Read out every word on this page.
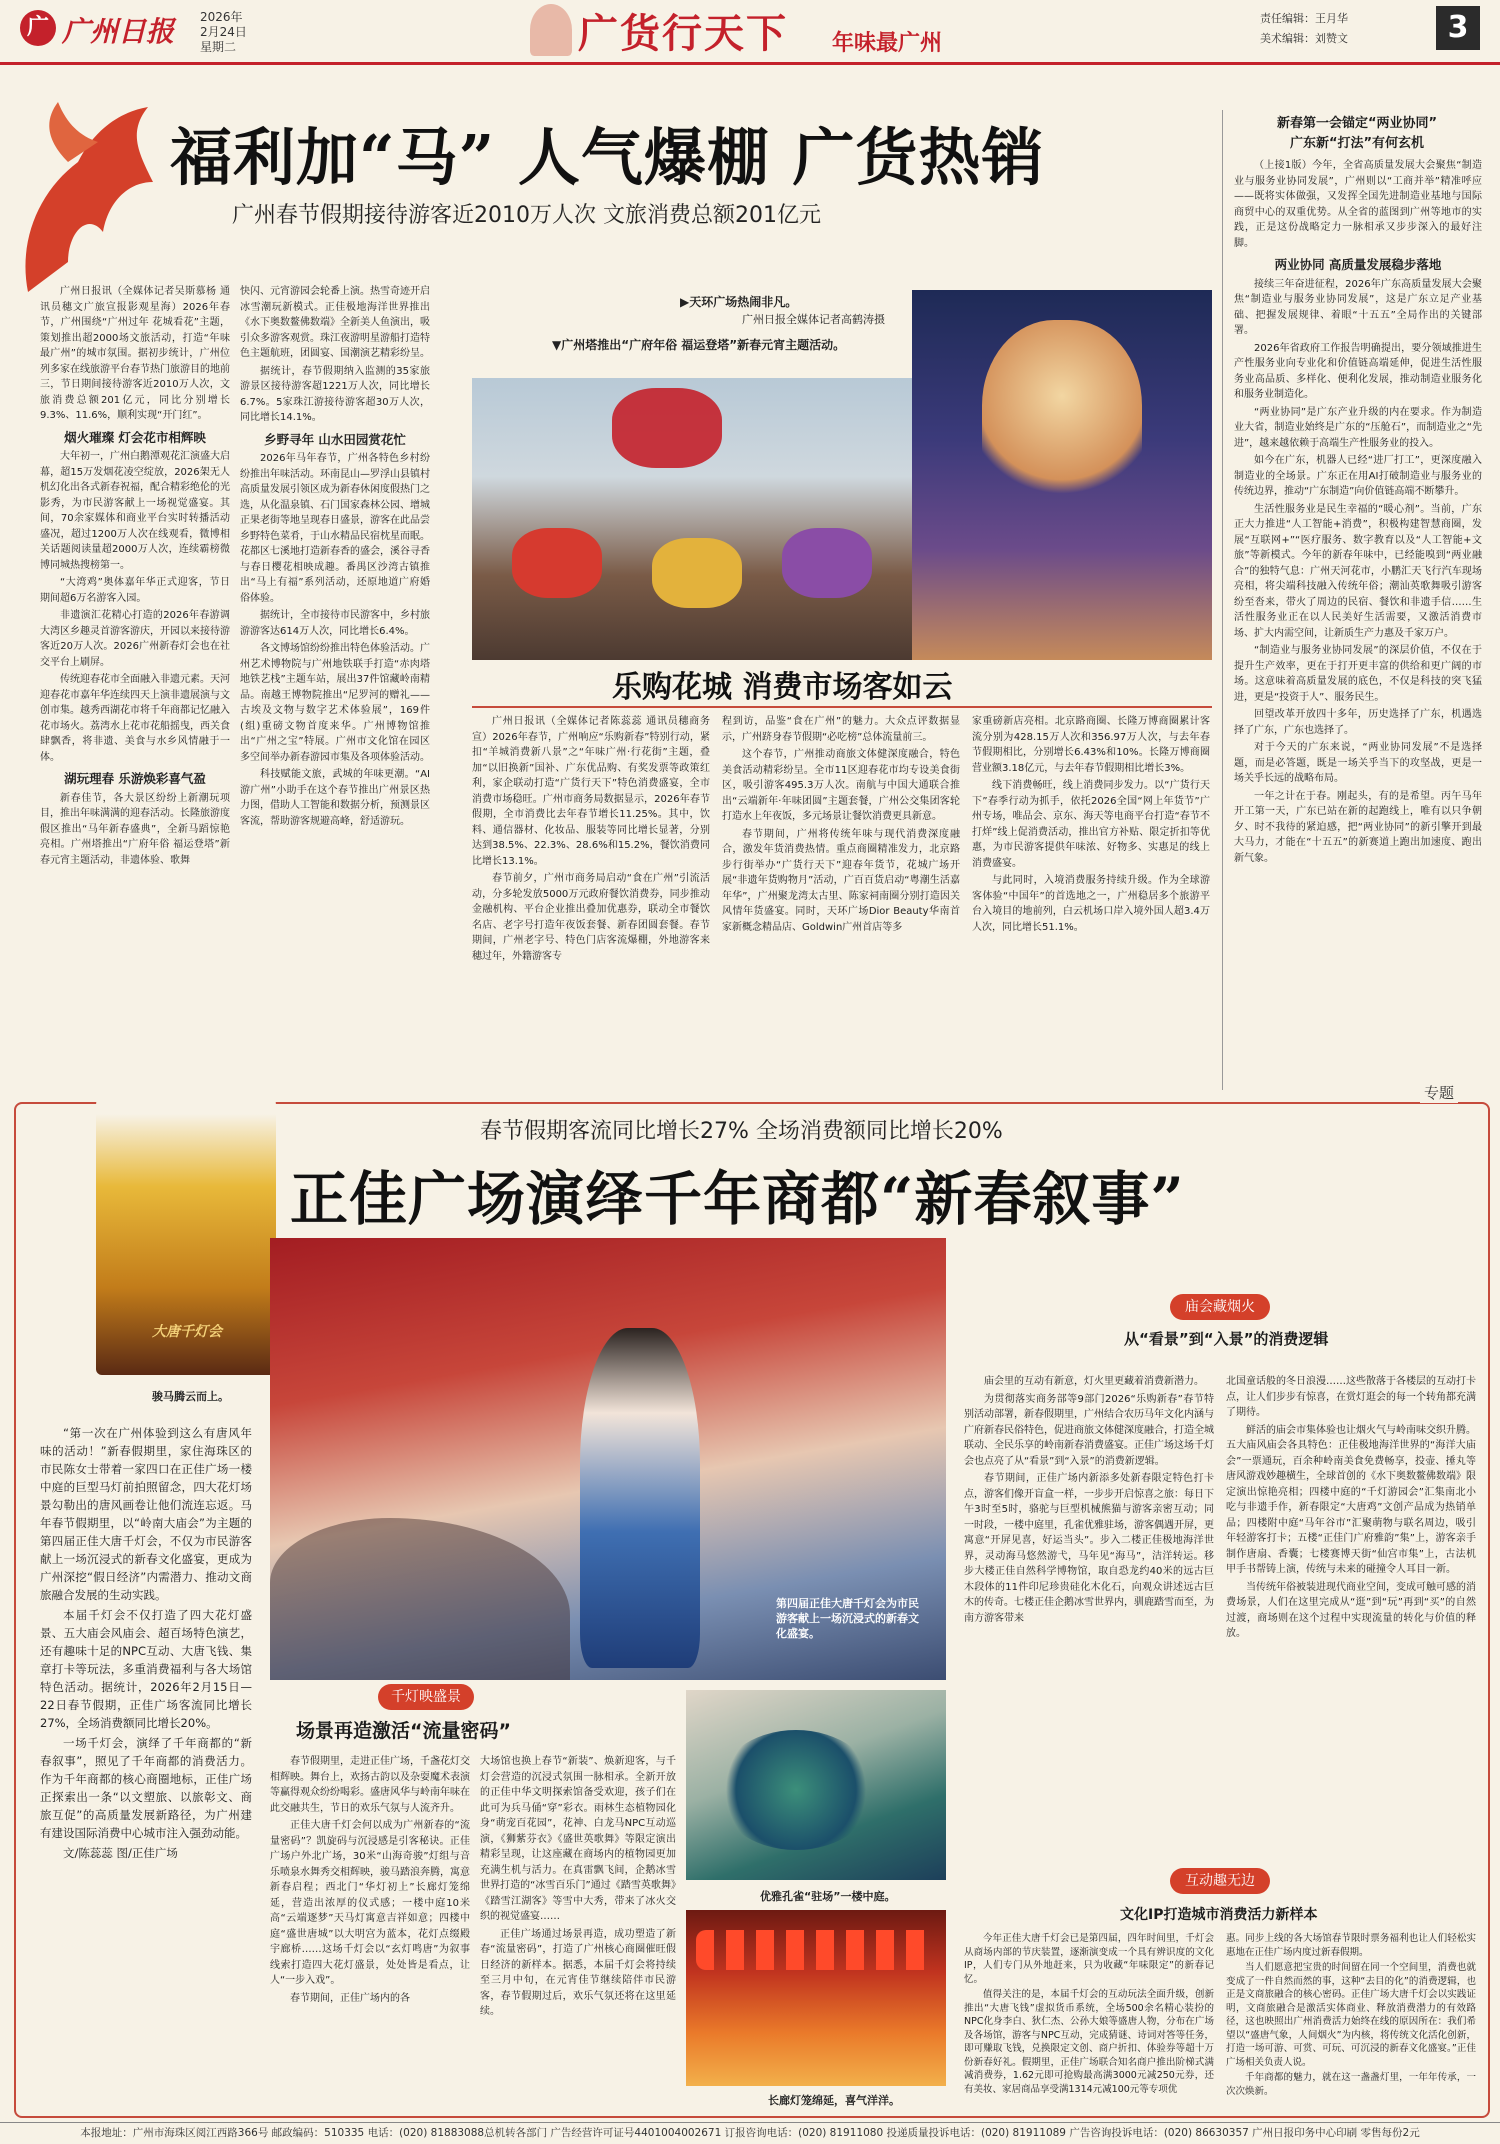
广 广州日报 2026年
2月24日
星期二	广货行天下 年味最广州
责任编辑：王月华
美术编辑：刘赞文	3
福利加“马” 人气爆棚 广货热销
广州春节假期接待游客近2010万人次 文旅消费总额201亿元

广州日报讯（全媒体记者吴斯慕杨 通讯员穗文广旅宣报影观星海）2026年春节，广州围绕“广州过年 花城看花”主题，策划推出超2000场文旅活动，打造“年味最广州”的城市氛围。据初步统计，广州位列多家在线旅游平台春节热门旅游目的地前三，节日期间接待游客近2010万人次，文旅消费总额201亿元，同比分别增长9.3%、11.6%，顺利实现“开门红”。

烟火璀璨 灯会花市相辉映

大年初一，广州白鹅潭观花汇演盛大启幕，超15万发烟花凌空绽放，2026架无人机幻化出各式新春祝福，配合精彩绝伦的光影秀，为市民游客献上一场视觉盛宴。其间，70余家媒体和商业平台实时转播活动盛况，超过1200万人次在线观看，微博相关话题阅读量超2000万人次，连续霸榜微博同城热搜榜第一。

“大湾鸡”奥体嘉年华正式迎客，节日期间超6万名游客入园。

非遗演汇花精心打造的2026年春游调大湾区乡趣灵首游客游庆，开园以来接待游客近20万人次。2026广州新春灯会也在社交平台上刷屏。

传统迎春花市全面融入非遗元素。天河迎春花市嘉年华连续四天上演非遗展演与文创市集。越秀西湖花市将千年商都记忆融入花市场火。荔湾水上花市花船摇曳，西关食肆飘香，将非遗、美食与水乡风情融于一体。

湖玩理春 乐游焕彩喜气盈

新春佳节，各大景区纷纷上新潮玩项目，推出年味满满的迎春活动。长隆旅游度假区推出“马年新春盛典”，全新马蹈惊艳亮相。广州塔推出“广府年俗 福运登塔”新春元宵主题活动，非遗体验、歌舞

快闪、元宵游园会轮番上演。热雪奇迹开启冰雪潮玩新模式。正佳极地海洋世界推出《水下奥数鳌佛数端》全新美人鱼演出，吸引众多游客观赏。珠江夜游明星游船打造特色主题航班，团圆宴、国潮演艺精彩纷呈。

据统计，春节假期纳入监测的35家旅游景区接待游客超1221万人次，同比增长6.7%。5家珠江游接待游客超30万人次，同比增长14.1%。

乡野寻年 山水田园赏花忙

2026年马年春节，广州各特色乡村纷纷推出年味活动。环南昆山—罗浮山县镇村高质量发展引领区成为新春休闲度假热门之选，从化温泉镇、石门国家森林公园、增城正果老街等地呈现春日盛景，游客在此品尝乡野特色菜肴，于山水精品民宿枕星而眠。花都区七溪地打造新春香的盛会，溪谷寻香与春日樱花相映成趣。番禺区沙湾古镇推出“马上有福”系列活动，还原地道广府婚俗体验。

据统计，全市接待市民游客中，乡村旅游游客达614万人次，同比增长6.4%。

各文博场馆纷纷推出特色体验活动。广州艺术博物院与广州地铁联手打造“赤肉塔地铁艺栈”主题车站，展出37件馆藏岭南精品。南越王博物院推出“尼罗河的赠礼——古埃及文物与数字艺术体验展”，169件(组)重磅文物首度来华。广州博物馆推出“广州之宝”特展。广州市文化馆在园区多空间举办新春游园市集及各项体验活动。

科技赋能文旅，武城的年味更潮。“AI游广州”小助手在这个春节推出广州景区热力图，借助人工智能和数据分析，预测景区客流，帮助游客规避高峰，舒适游玩。

▶天环广场热闹非凡。
广州日报全媒体记者高鹤涛摄
▼广州塔推出“广府年俗 福运登塔”新春元宵主题活动。
乐购花城 消费市场客如云

广州日报讯（全媒体记者陈蕊蕊 通讯员穗商务宣）2026年春节，广州响应“乐购新春”特别行动，紧扣“羊城消费新八景”之“年味广州·行花街”主题，叠加“以旧换新”国补、广东优品购、有奖发票等政策红利，家企联动打造“广货行天下”特色消费盛宴，全市消费市场稳旺。广州市商务局数据显示，2026年春节假期，全市消费比去年春节增长11.25%。其中，饮料、通信器材、化妆品、服装等同比增长显著，分别达到38.5%、22.3%、28.6%和15.2%，餐饮消费同比增长13.1%。

春节前夕，广州市商务局启动“食在广州”引流活动，分多轮发放5000万元政府餐饮消费券，同步推动金融机构、平台企业推出叠加优惠券，联动全市餐饮名店、老字号打造年夜饭套餐、新春团圆套餐。春节期间，广州老字号、特色门店客流爆棚，外地游客来穗过年，外籍游客专

程到访，品鉴“食在广州”的魅力。大众点评数据显示，广州跻身春节假期“必吃榜”总体流量前三。

这个春节，广州推动商旅文体健深度融合，特色美食活动精彩纷呈。全市11区迎春花市均专设美食街区，吸引游客495.3万人次。南航与中国大通联合推出“云端新年·年味团圆”主题套餐，广州公交集团客轮打造水上年夜饭，多元场景让餐饮消费更具新意。

春节期间，广州将传统年味与现代消费深度融合，激发年货消费热情。重点商圈精准发力，北京路步行街举办“广货行天下”迎春年货节，花城广场开展“非遗年货购物月”活动，广百百货启动“粤潮生活嘉年华”，广州聚龙湾太古里、陈家祠南圈分别打造因关风情年货盛宴。同时，天环广场Dior Beauty华南首家新概念精品店、Goldwin广州首店等多

家重磅新店亮相。北京路商圈、长隆万博商圈累计客流分别为428.15万人次和356.97万人次，与去年春节假期相比，分别增长6.43%和10%。长隆万博商圈营业额3.18亿元，与去年春节假期相比增长3%。

线下消费畅旺，线上消费同步发力。以“广货行天下”春季行动为抓手，依托2026全国“网上年货节”广州专场，唯品会、京东、海天等电商平台打造“春节不打烊”线上促消费活动，推出官方补贴、限定折扣等优惠，为市民游客提供年味浓、好物多、实惠足的线上消费盛宴。

与此同时，入境消费服务持续升级。作为全球游客体验“中国年”的首选地之一，广州稳居多个旅游平台入境目的地前列，白云机场口岸入境外国人超3.4万人次，同比增长51.1%。

新春第一会锚定“两业协同”
广东新“打法”有何玄机

（上接1版）今年，全省高质量发展大会聚焦“制造业与服务业协同发展”，广州则以“工商并举”精准呼应——既将实体做强，又发挥全国先进制造业基地与国际商贸中心的双重优势。从全省的蓝图到广州等地市的实践，正是这份战略定力一脉相承又步步深入的最好注脚。

两业协同 高质量发展稳步落地

接续三年奋进征程，2026年广东高质量发展大会聚焦“制造业与服务业协同发展”，这是广东立足产业基础、把握发展规律、着眼“十五五”全局作出的关键部署。

2026年省政府工作报告明确提出，要分领域推进生产性服务业向专业化和价值链高端延伸，促进生活性服务业高品质、多样化、便利化发展，推动制造业服务化和服务业制造化。

“两业协同”是广东产业升级的内在要求。作为制造业大省，制造业始终是广东的“压舱石”，而制造业之“先进”，越来越依赖于高端生产性服务业的投入。

如今在广东，机器人已经“进厂打工”，更深度融入制造业的全场景。广东正在用AI打破制造业与服务业的传统边界，推动“广东制造”向价值链高端不断攀升。

生活性服务业是民生幸福的“暖心剂”。当前，广东正大力推进“人工智能+消费”，积极构建智慧商圈，发展“互联网+”“医疗服务、数字教育以及“人工智能+文旅”等新模式。今年的新春年味中，已经能嗅到“两业融合”的独特气息：广州天河花市，小鹏汇天飞行汽车现场亮相，将尖端科技融入传统年俗；潮汕英歌舞吸引游客纷至沓来，带火了周边的民宿、餐饮和非遗手信……生活性服务业正在以人民美好生活需要，又激活消费市场、扩大内需空间，让新质生产力惠及千家万户。

“制造业与服务业协同发展”的深层价值，不仅在于提升生产效率，更在于打开更丰富的供给和更广阔的市场。这意味着高质量发展的底色，不仅是科技的突飞猛进，更是“投资于人”、服务民生。

回望改革开放四十多年，历史选择了广东，机遇选择了广东，广东也选择了。

对于今天的广东来说，“两业协同发展”不是选择题，而是必答题，既是一场关乎当下的攻坚战，更是一场关乎长远的战略布局。

一年之计在于春。刚起头，有的是希望。丙午马年开工第一天，广东已站在新的起跑线上，唯有以只争朝夕、时不我待的紧迫感，把“两业协同”的新引擎开到最大马力，才能在“十五五”的新赛道上跑出加速度、跑出新气象。

专题
大唐千灯会
骏马腾云而上。
春节假期客流同比增长27% 全场消费额同比增长20%
正佳广场演绎千年商都“新春叙事”
第四届正佳大唐千灯会为市民游客献上一场沉浸式的新春文化盛宴。

“第一次在广州体验到这么有唐风年味的活动！”新春假期里，家住海珠区的市民陈女士带着一家四口在正佳广场一楼中庭的巨型马灯前拍照留念，四大花灯场景勾勒出的唐风画卷让他们流连忘返。马年春节假期里，以“岭南大庙会”为主题的第四届正佳大唐千灯会，不仅为市民游客献上一场沉浸式的新春文化盛宴，更成为广州深挖“假日经济”内需潜力、推动文商旅融合发展的生动实践。

本届千灯会不仅打造了四大花灯盛景、五大庙会风庙会、超百场特色演艺，还有趣味十足的NPC互动、大唐飞钱、集章打卡等玩法，多重消费福利与各大场馆特色活动。据统计，2026年2月15日—22日春节假期，正佳广场客流同比增长27%，全场消费额同比增长20%。

一场千灯会，演绎了千年商都的“新春叙事”，照见了千年商都的消费活力。作为千年商都的核心商圈地标，正佳广场正探索出一条“以文塑旅、以旅彰文、商旅互促”的高质量发展新路径，为广州建有建设国际消费中心城市注入强劲动能。

文/陈蕊蕊 图/正佳广场

千灯映盛景
场景再造激活“流量密码”

春节假期里，走进正佳广场，千盏花灯交相辉映。舞台上，欢扬古韵以及杂耍魔术表演等赢得观众纷纷喝彩。盛唐风华与岭南年味在此交融共生，节日的欢乐气氛与人流齐升。

正佳大唐千灯会何以成为广州新春的“流量密码”？凯旋码与沉浸感是引客秘诀。正佳广场户外北广场，30米“山海奇骏”灯组与音乐喷泉水舞秀交相辉映，骏马踏浪奔腾，寓意新春启程；西北门“华灯初上”长廊灯笼绵延，营造出浓厚的仪式感；一楼中庭10米高“云端逐梦”天马灯寓意吉祥如意；四楼中庭“盛世唐城”以大明宫为蓝本，花灯点缀殿宇廊桥……这场千灯会以“玄灯鸣唐”为叙事线索打造四大花灯盛景，处处皆是看点，让人“一步入戏”。

春节期间，正佳广场内的各

大场馆也换上春节“新装”、焕新迎客，与千灯会营造的沉浸式氛围一脉相承。全新开放的正佳中华文明探索馆备受欢迎，孩子们在此可为兵马俑“穿”彩衣。雨林生态植物园化身“萌宠百花园”，花神、白龙马NPC互动巡演，《狮紫芬衣》《盛世英歌舞》等限定演出精彩呈现，让这座藏在商场内的植物园更加充满生机与活力。在真雷飘飞间，企鹅冰雪世界打造的“冰雪百乐门”通过《踏雪英歌舞》《踏雪江湖客》等雪中大秀，带来了冰火交织的视觉盛宴……

正佳广场通过场景再造，成功塑造了新春“流量密码”，打造了广州核心商圈催旺假日经济的新样本。据悉，本届千灯会将持续至三月中旬，在元宵佳节继续陪伴市民游客，春节假期过后，欢乐气氛还将在这里延续。

优雅孔雀“驻场”一楼中庭。
长廊灯笼绵延，喜气洋洋。
庙会藏烟火
从“看景”到“入景”的消费逻辑

庙会里的互动有新意，灯火里更藏着消费新潜力。

为贯彻落实商务部等9部门2026“乐购新春”春节特别活动部署，新春假期里，广州结合农历马年文化内涵与广府新春民俗特色，促进商旅文体健深度融合，打造全城联动、全民乐享的岭南新春消费盛宴。正佳广场这场千灯会也点亮了从“看景”到“入景”的消费新逻辑。

春节期间，正佳广场内新添多处新春限定特色打卡点，游客们像开盲盒一样，一步步开启惊喜之旅：每日下午3时至5时，骆驼与巨型机械熊猫与游客亲密互动；同一时段，一楼中庭里，孔雀优雅驻场，游客偶遇开屏，更寓意“开屏见喜，好运当头”。步入二楼正佳极地海洋世界，灵动海马悠然游弋，马年见“海马”，洁洋转运。移步大楼正佳自然科学博物馆，取自恐龙约40米的远古巨木段体的11件印尼珍贵硅化木化石，向观众讲述远古巨木的传奇。七楼正佳企鹅冰雪世界内，驯鹿踏雪而至，为南方游客带来

北国童话般的冬日浪漫……这些散落于各楼层的互动打卡点，让人们步步有惊喜，在赏灯逛会的每一个转角都充满了期待。

鲜活的庙会市集体验也让烟火气与岭南味交织升腾。五大庙风庙会各具特色：正佳极地海洋世界的“海洋大庙会”一票通玩，百余种岭南美食免费畅享，投壶、捶丸等唐风游戏妙趣横生，全球首创的《水下奥数鳌佛数端》限定演出惊艳亮相；四楼中庭的“千灯游园会”汇集南北小吃与非遗手作，新春限定“大唐鸡”文创产品成为热销单品；四楼附中庭“马年谷市”汇聚萌物与联名周边，吸引年轻游客打卡；五楼“正佳门广府雅韵”集”上，游客亲手制作唐扇、香囊；七楼赛博天街“仙宫市集”上，古法机甲手书帮铸上演，传统与未来的碰撞令人耳目一新。

当传统年俗被装进现代商业空间，变成可触可感的消费场景，人们在这里完成从“逛”到“玩”再到“买”的自然过渡，商场则在这个过程中实现流量的转化与价值的释放。

互动趣无边
文化IP打造城市消费活力新样本

今年正佳大唐千灯会已是第四届，四年时间里，千灯会从商场内部的节庆装置，逐渐演变成一个具有辨识度的文化IP，人们专门从外地赶来，只为收藏“年味限定”的新春记忆。

值得关注的是，本届千灯会的互动玩法全面升级，创新推出“大唐飞钱”虚拟货币系统，全场500余名精心装扮的NPC化身李白、狄仁杰、公孙大娘等盛唐人物，分布在广场及各场馆，游客与NPC互动，完成猜谜、诗词对答等任务，即可赚取飞钱，兑换限定文创、商户折扣、体验券等超十万份新春好礼。假期里，正佳广场联合知名商户推出阶梯式满减消费券，1.62元即可抢购最高满3000元减250元券，还有美妆、家居商品享受满1314元减100元等专项优

惠。同步上线的各大场馆春节限时票务福利也让人们轻松实惠地在正佳广场内度过新春假期。

当人们愿意把宝贵的时间留在同一个空间里，消费也就变成了一件自然而然的事，这种“去目的化”的消费逻辑，也正是文商旅融合的核心密码。正佳广场大唐千灯会以实践证明，文商旅融合是激活实体商业、释放消费潜力的有效路径，这也映照出广州消费活力始终在线的原因所在：我们希望以“盛唐气象，人间烟火”为内核，将传统文化活化创新，打造一场可游、可赏、可玩、可沉浸的新春文化盛宴。”正佳广场相关负责人说。

千年商都的魅力，就在这一盏盏灯里，一年年传承，一次次焕新。

本报地址：广州市海珠区阅江西路366号 邮政编码：510335 电话：(020) 81883088总机转各部门 广告经营许可证号4401004002671 订报咨询电话：(020) 81911080 投递质量投诉电话：(020) 81911089 广告咨询投诉电话：(020) 86630357 广州日报印务中心印刷 零售每份2元
